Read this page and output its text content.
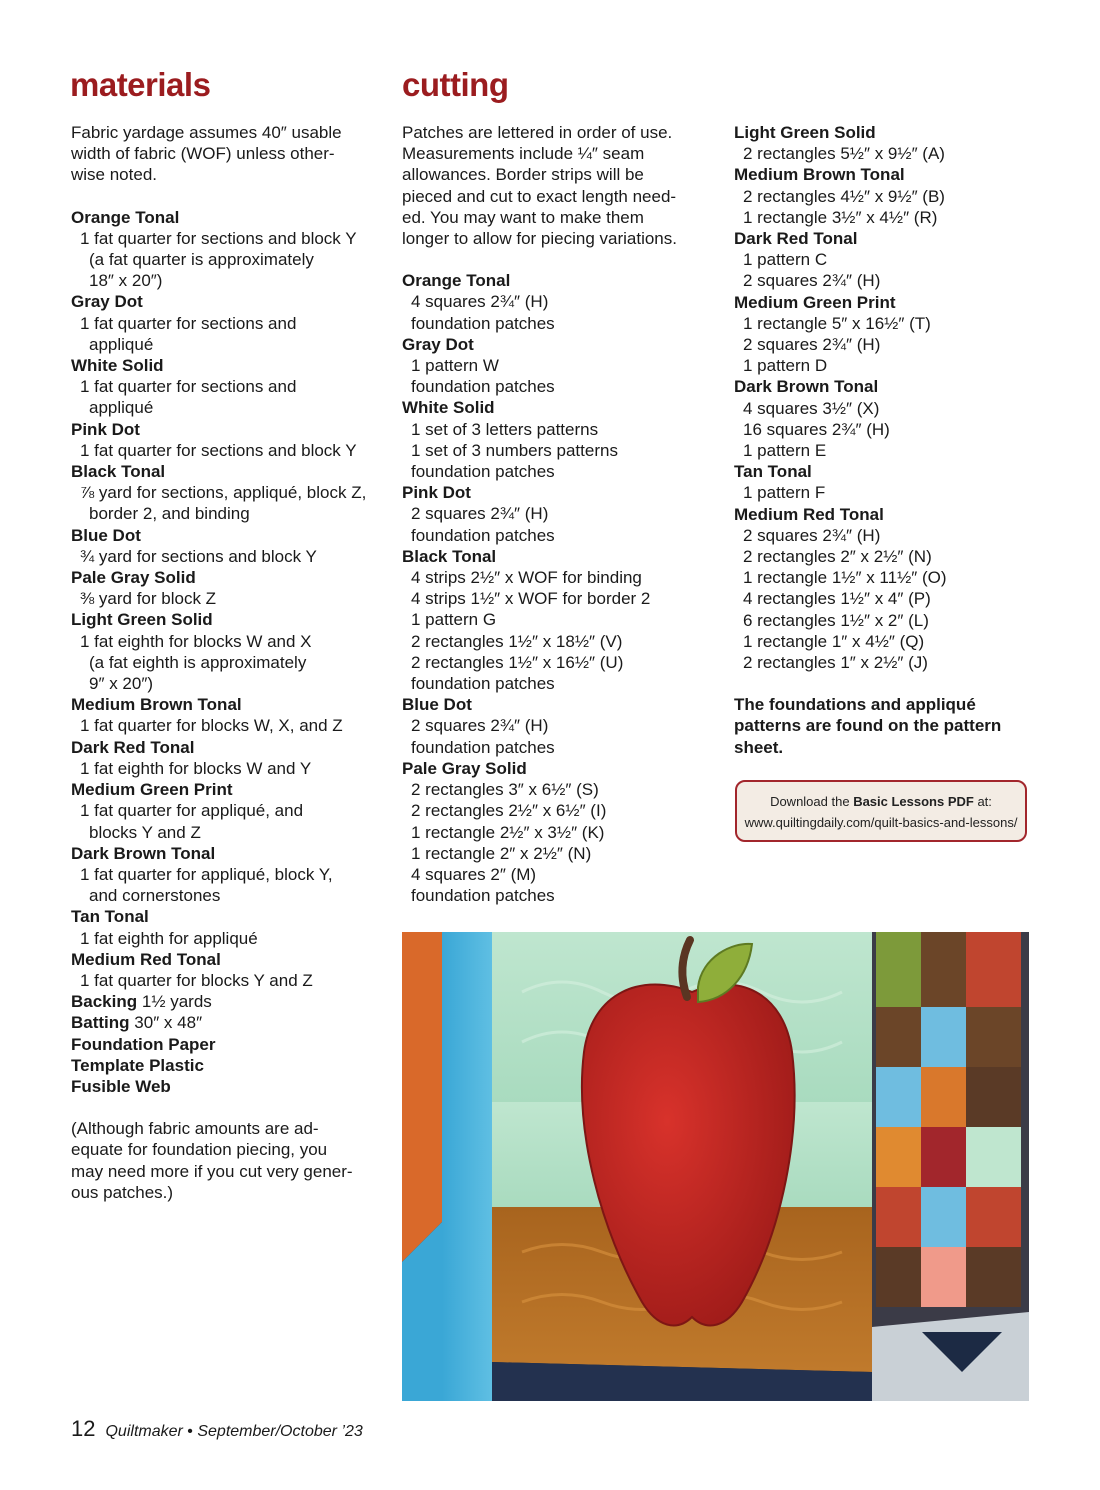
materials	cutting

Fabric yardage assumes 40″ usable

width of fabric (WOF) unless other-

wise noted.

Orange Tonal

1 fat quarter for sections and block Y

(a fat quarter is approximately

18″ x 20″)

Gray Dot

1 fat quarter for sections and

appliqué

White Solid

1 fat quarter for sections and

appliqué

Pink Dot

1 fat quarter for sections and block Y

Black Tonal

⅞ yard for sections, appliqué, block Z,

border 2, and binding

Blue Dot

¾ yard for sections and block Y

Pale Gray Solid

⅜ yard for block Z

Light Green Solid

1 fat eighth for blocks W and X

(a fat eighth is approximately

9″ x 20″)

Medium Brown Tonal

1 fat quarter for blocks W, X, and Z

Dark Red Tonal

1 fat eighth for blocks W and Y

Medium Green Print

1 fat quarter for appliqué, and

blocks Y and Z

Dark Brown Tonal

1 fat quarter for appliqué, block Y,

and cornerstones

Tan Tonal

1 fat eighth for appliqué

Medium Red Tonal

1 fat quarter for blocks Y and Z

Backing 1½ yards

Batting 30″ x 48″

Foundation Paper

Template Plastic

Fusible Web

(Although fabric amounts are ad-

equate for foundation piecing, you

may need more if you cut very gener-

ous patches.)

Patches are lettered in order of use.

Measurements include ¼″ seam

allowances. Border strips will be

pieced and cut to exact length need-

ed. You may want to make them

longer to allow for piecing variations.

Orange Tonal

4 squares 2¾″ (H)

foundation patches

Gray Dot

1 pattern W

foundation patches

White Solid

1 set of 3 letters patterns

1 set of 3 numbers patterns

foundation patches

Pink Dot

2 squares 2¾″ (H)

foundation patches

Black Tonal

4 strips 2½″ x WOF for binding

4 strips 1½″ x WOF for border 2

1 pattern G

2 rectangles 1½″ x 18½″ (V)

2 rectangles 1½″ x 16½″ (U)

foundation patches

Blue Dot

2 squares 2¾″ (H)

foundation patches

Pale Gray Solid

2 rectangles 3″ x 6½″ (S)

2 rectangles 2½″ x 6½″ (I)

1 rectangle 2½″ x 3½″ (K)

1 rectangle 2″ x 2½″ (N)

4 squares 2″ (M)

foundation patches

Light Green Solid

2 rectangles 5½″ x 9½″ (A)

Medium Brown Tonal

2 rectangles 4½″ x 9½″ (B)

1 rectangle 3½″ x 4½″ (R)

Dark Red Tonal

1 pattern C

2 squares 2¾″ (H)

Medium Green Print

1 rectangle 5″ x 16½″ (T)

2 squares 2¾″ (H)

1 pattern D

Dark Brown Tonal

4 squares 3½″ (X)

16 squares 2¾″ (H)

1 pattern E

Tan Tonal

1 pattern F

Medium Red Tonal

2 squares 2¾″ (H)

2 rectangles 2″ x 2½″ (N)

1 rectangle 1½″ x 11½″ (O)

4 rectangles 1½″ x 4″ (P)

6 rectangles 1½″ x 2″ (L)

1 rectangle 1″ x 4½″ (Q)

2 rectangles 1″ x 2½″ (J)

The foundations and appliqué

patterns are found on the pattern

sheet.

Download the Basic Lessons PDF at:
www.quiltingdaily.com/quilt-basics-and-lessons/
12 Quiltmaker • September/October ’23
